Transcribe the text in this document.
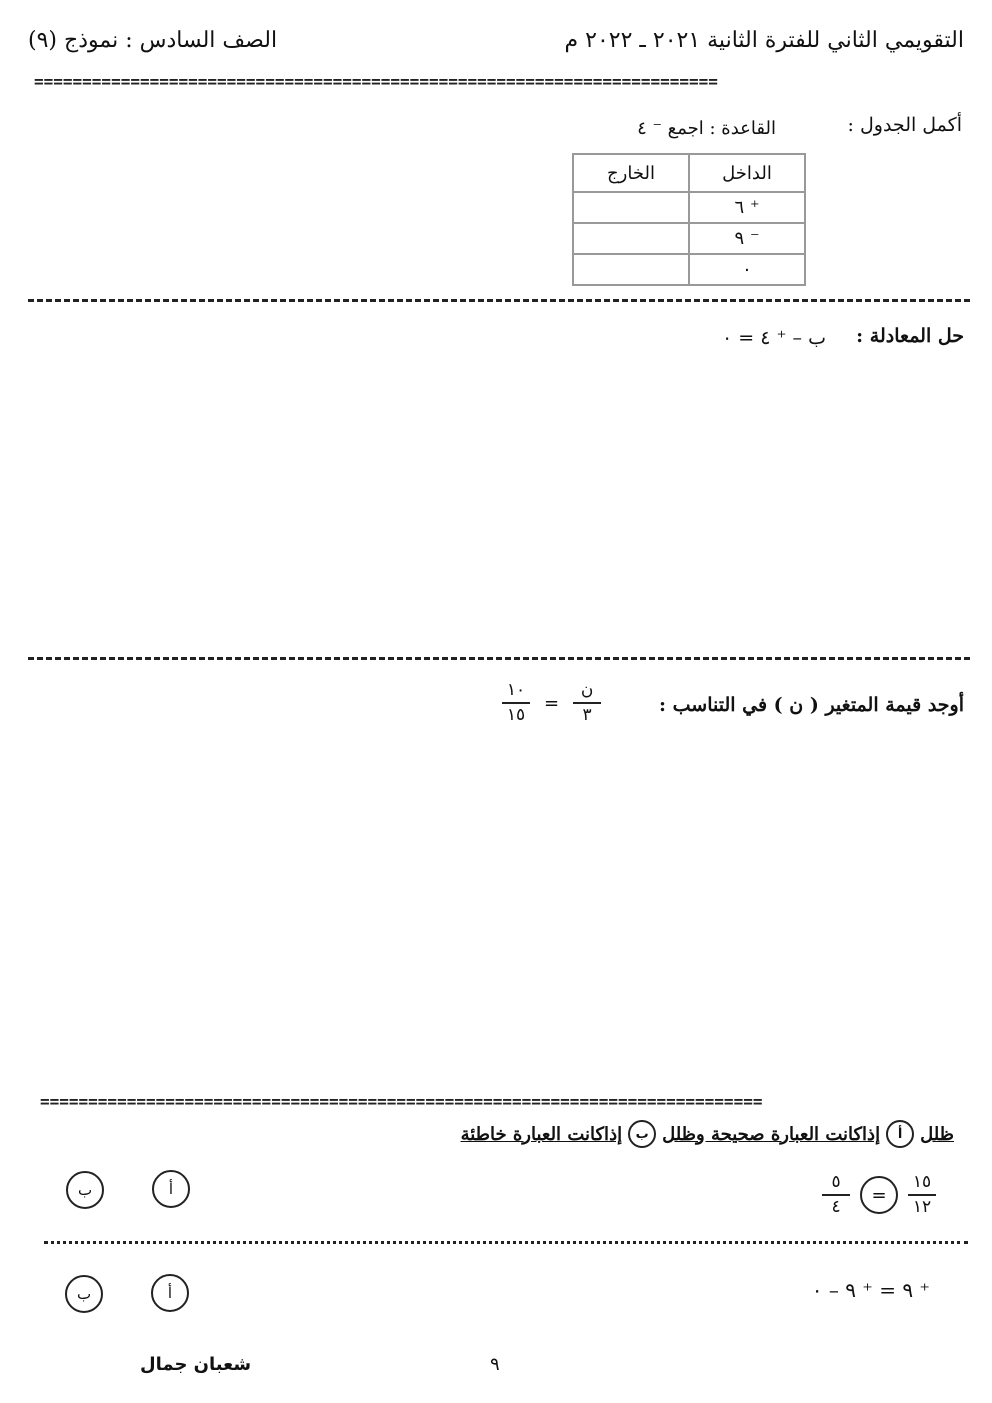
التقويمي الثاني للفترة الثانية ٢٠٢١ ـ ٢٠٢٢ م
الصف السادس : نموذج (٩)
=======================================================================
أكمل الجدول :
القاعدة : اجمع ⁻ ٤
الداخل	الخارج
⁺ ٦	
⁻ ٩	
٠	
حل المعادلة :
ب – ⁺ ٤ = ٠
أوجد قيمة المتغير ( ن ) في التناسب :
$\frac{١٠}{١٥} = \frac{\text{ن}}{٣}$
===========================================================================
ظلل
أ
إذاكانت العبارة صحيحة وظلل
ب
إذاكانت العبارة خاطئة
$\frac{١٥}{١٢}$
=
$\frac{٥}{٤}$
أ
ب
⁺ ٩ = ⁺ ٩ – ٠
أ
ب
٩
شعبان جمال
